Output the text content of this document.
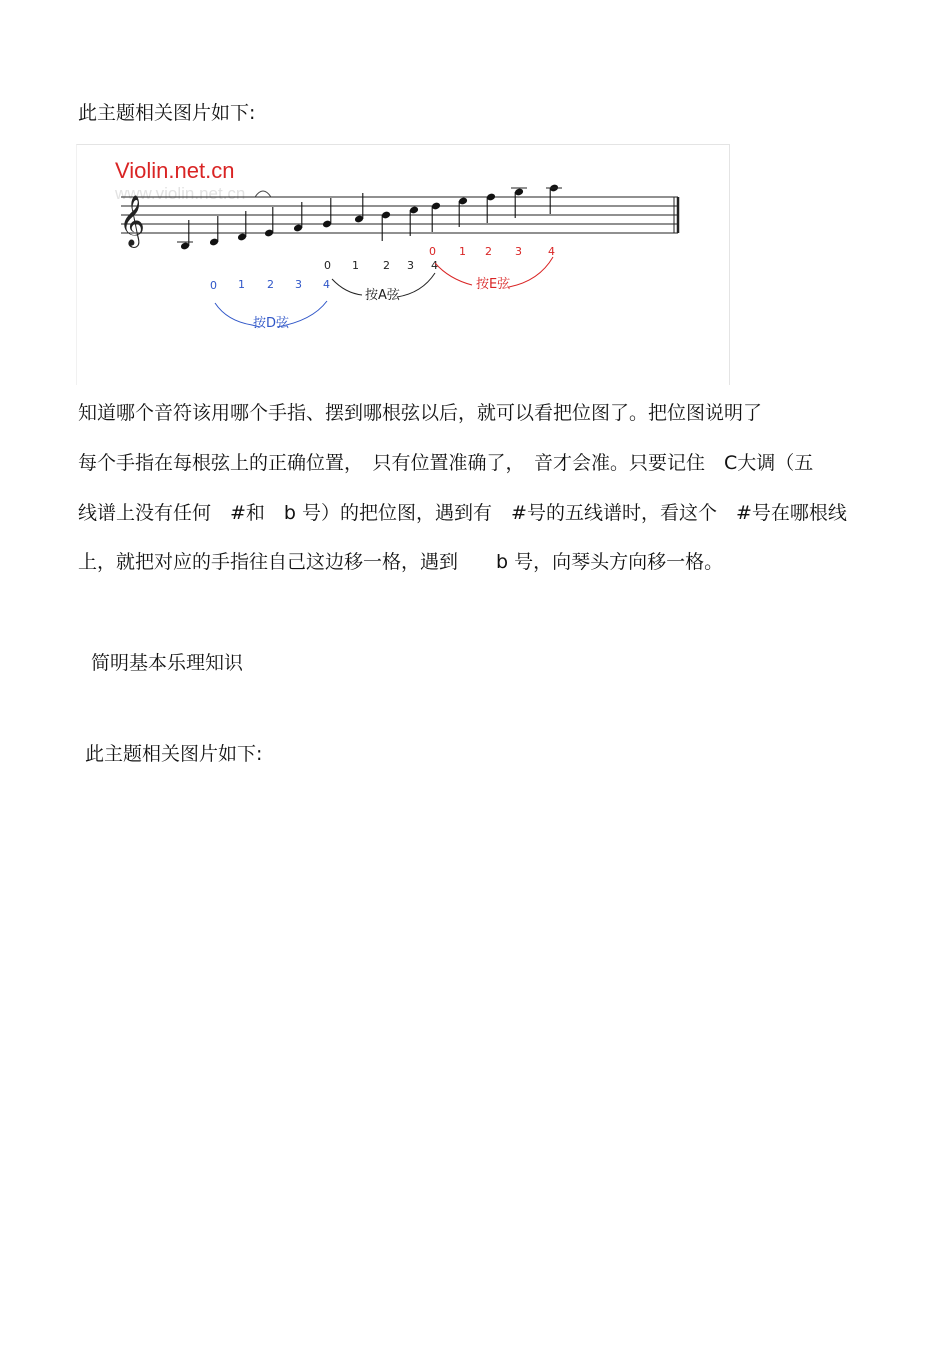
此主题相关图片如下:
Violin.net.cn
www.violin.net.cn
𝄞
0 1 2 3 4
按D弦
0 1 2 3 4
按A弦
0 1 2 3 4
按E弦
知道哪个音符该用哪个手指、摆到哪根弦以后，就可以看把位图了。把位图说明了
每个手指在每根弦上的正确位置，　只有位置准确了，　音才会准。只要记住　C大调（五
线谱上没有任何　#和　b 号）的把位图，遇到有　#号的五线谱时，看这个　#号在哪根线
上，就把对应的手指往自己这边移一格，遇到　　b 号，向琴头方向移一格。
简明基本乐理知识
此主题相关图片如下:
